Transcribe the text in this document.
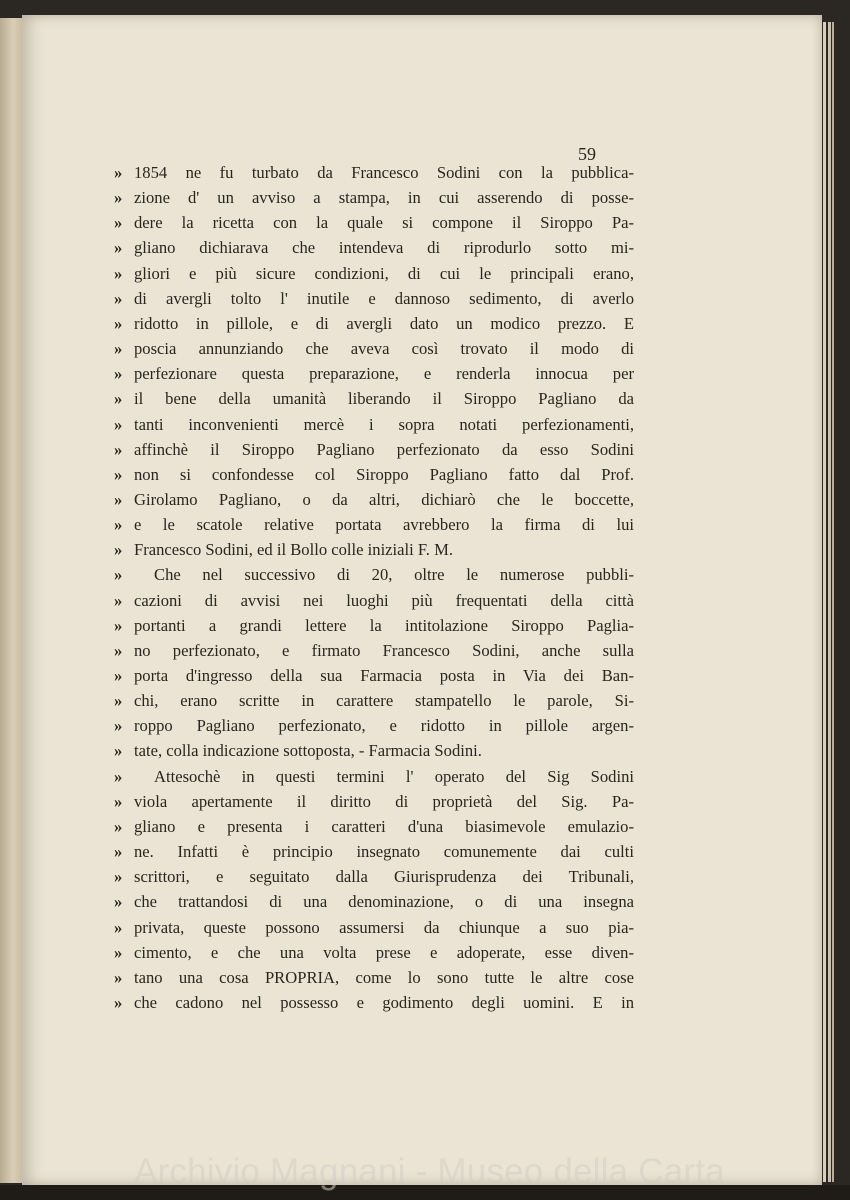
59
» 1854 ne fu turbato da Francesco Sodini con la pubblica-
» zione d' un avviso a stampa, in cui asserendo di posse-
» dere la ricetta con la quale si compone il Siroppo Pa-
» gliano dichiarava che intendeva di riprodurlo sotto mi-
» gliori e più sicure condizioni, di cui le principali erano,
» di avergli tolto l' inutile e dannoso sedimento, di averlo
» ridotto in pillole, e di avergli dato un modico prezzo. E
» poscia annunziando che aveva così trovato il modo di
» perfezionare questa preparazione, e renderla innocua per
» il bene della umanità liberando il Siroppo Pagliano da
» tanti inconvenienti mercè i sopra notati perfezionamenti,
» affinchè il Siroppo Pagliano perfezionato da esso Sodini
» non si confondesse col Siroppo Pagliano fatto dal Prof.
» Girolamo Pagliano, o da altri, dichiarò che le boccette,
» e le scatole relative portata avrebbero la firma di lui
» Francesco Sodini, ed il Bollo colle iniziali F. M.
»	Che nel successivo di 20, oltre le numerose pubbli-
» cazioni di avvisi nei luoghi più frequentati della città
» portanti a grandi lettere la intitolazione Siroppo Paglia-
» no perfezionato, e firmato Francesco Sodini, anche sulla
» porta d'ingresso della sua Farmacia posta in Via dei Ban-
» chi, erano scritte in carattere stampatello le parole, Si-
» roppo Pagliano perfezionato, e ridotto in pillole argen-
» tate, colla indicazione sottoposta, - Farmacia Sodini.
»	Attesochè in questi termini l' operato del Sig Sodini
» viola apertamente il diritto di proprietà del Sig. Pa-
» gliano e presenta i caratteri d'una biasimevole emulazio-
» ne. Infatti è principio insegnato comunemente dai culti
» scrittori, e seguitato dalla Giurisprudenza dei Tribunali,
» che trattandosi di una denominazione, o di una insegna
» privata, queste possono assumersi da chiunque a suo pia-
» cimento, e che una volta prese e adoperate, esse diven-
» tano una cosa PROPRIA, come lo sono tutte le altre cose
» che cadono nel possesso e godimento degli uomini. E in
Archivio Magnani - Museo della Carta
